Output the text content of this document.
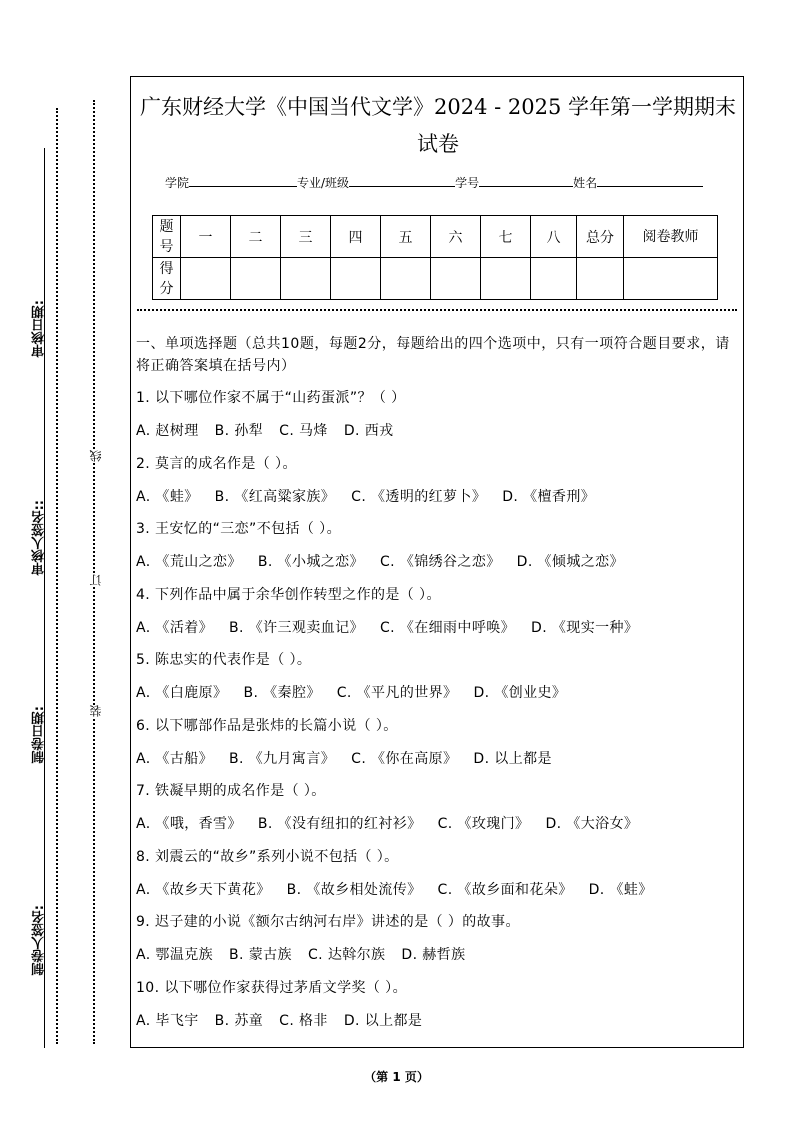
审核日期:
审核人签名::
制卷日期:
制卷人签名:
线
订
装
广东财经大学《中国当代文学》2024 - 2025 学年第一学期期末试卷
学院	专业/班级	学号	姓名
题号	一	二	三	四	五	六	七	八	总分	阅卷教师
得分										
一、单项选择题（总共10题，每题2分，每题给出的四个选项中，只有一项符合题目要求，请将正确答案填在括号内）
1. 以下哪位作家不属于“山药蛋派”？（ ）
A. 赵树理 B. 孙犁 C. 马烽 D. 西戎
2. 莫言的成名作是（ ）。
A. 《蛙》 B. 《红高粱家族》 C. 《透明的红萝卜》 D. 《檀香刑》
3. 王安忆的“三恋”不包括（ ）。
A. 《荒山之恋》 B. 《小城之恋》 C. 《锦绣谷之恋》 D. 《倾城之恋》
4. 下列作品中属于余华创作转型之作的是（ ）。
A. 《活着》 B. 《许三观卖血记》 C. 《在细雨中呼唤》 D. 《现实一种》
5. 陈忠实的代表作是（ ）。
A. 《白鹿原》 B. 《秦腔》 C. 《平凡的世界》 D. 《创业史》
6. 以下哪部作品是张炜的长篇小说（ ）。
A. 《古船》 B. 《九月寓言》 C. 《你在高原》 D. 以上都是
7. 铁凝早期的成名作是（ ）。
A. 《哦，香雪》 B. 《没有纽扣的红衬衫》 C. 《玫瑰门》 D. 《大浴女》
8. 刘震云的“故乡”系列小说不包括（ ）。
A. 《故乡天下黄花》 B. 《故乡相处流传》 C. 《故乡面和花朵》 D. 《蛙》
9. 迟子建的小说《额尔古纳河右岸》讲述的是（ ）的故事。
A. 鄂温克族 B. 蒙古族 C. 达斡尔族 D. 赫哲族
10. 以下哪位作家获得过茅盾文学奖（ ）。
A. 毕飞宇 B. 苏童 C. 格非 D. 以上都是
（第 1 页）
